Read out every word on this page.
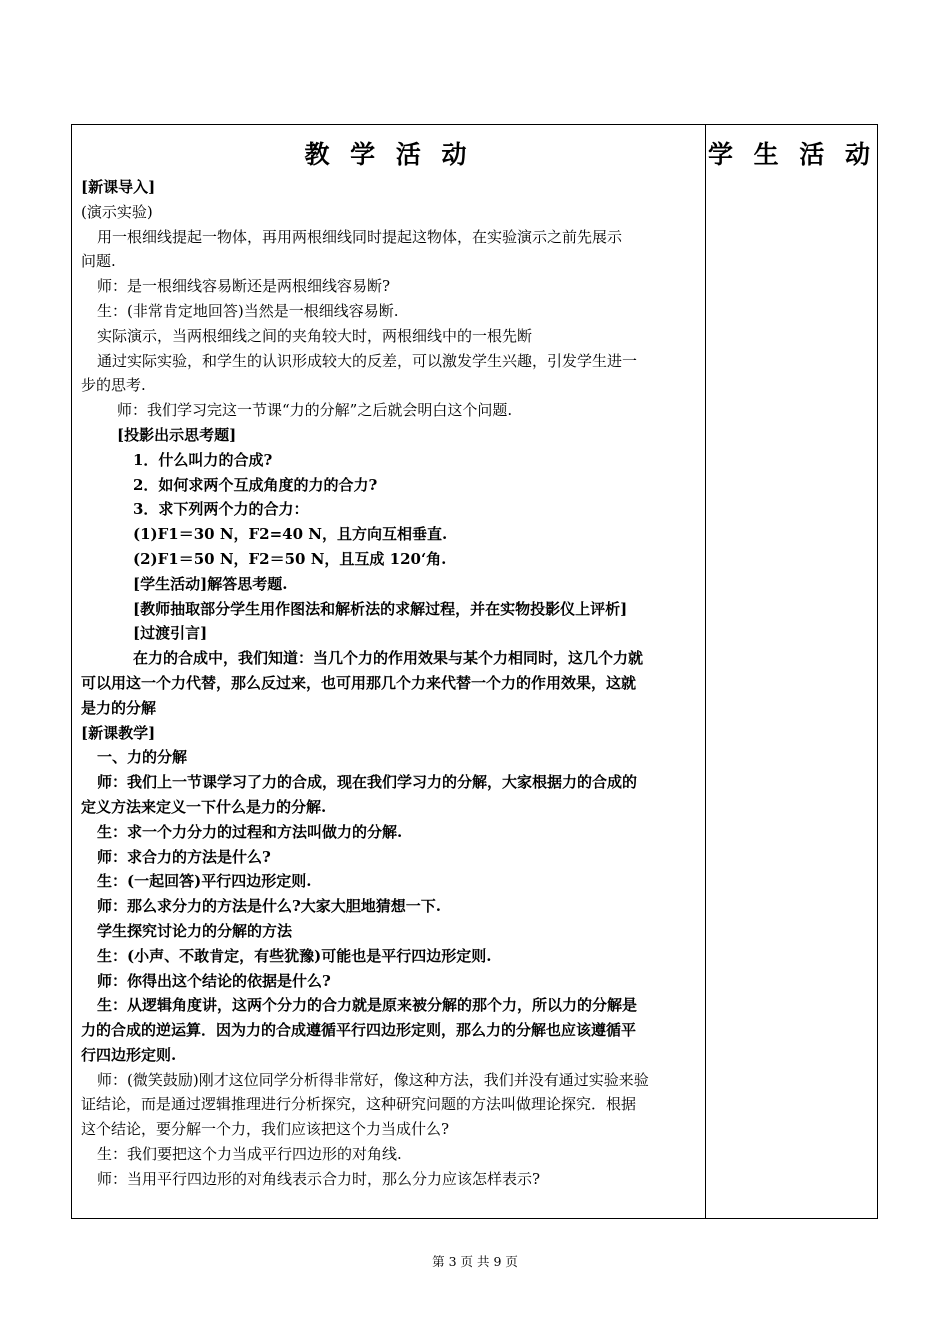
教 学 活 动	学 生 活 动
[新课导入]
(演示实验)
用一根细线提起一物体，再用两根细线同时提起这物体，在实验演示之前先展示
问题.
师：是一根细线容易断还是两根细线容易断?
生：(非常肯定地回答)当然是一根细线容易断.
实际演示，当两根细线之间的夹角较大时，两根细线中的一根先断
通过实际实验，和学生的认识形成较大的反差，可以激发学生兴趣，引发学生进一
步的思考.
师：我们学习完这一节课“力的分解”之后就会明白这个问题.
[投影出示思考题]
1．什么叫力的合成?
2．如何求两个互成角度的力的合力?
3．求下列两个力的合力：
(1)F1＝30 N，F2=40 N，且方向互相垂直.
(2)F1＝50 N，F2＝50 N，且互成 120‘角.
[学生活动]解答思考题.
[教师抽取部分学生用作图法和解析法的求解过程，并在实物投影仪上评析]
[过渡引言]
在力的合成中，我们知道：当几个力的作用效果与某个力相同时，这几个力就
可以用这一个力代替，那么反过来，也可用那几个力来代替一个力的作用效果，这就
是力的分解
[新课教学]
一、力的分解
师：我们上一节课学习了力的合成，现在我们学习力的分解，大家根据力的合成的
定义方法来定义一下什么是力的分解.
生：求一个力分力的过程和方法叫做力的分解.
师：求合力的方法是什么?
生：(一起回答)平行四边形定则.
师：那么求分力的方法是什么?大家大胆地猜想一下.
学生探究讨论力的分解的方法
生：(小声、不敢肯定，有些犹豫)可能也是平行四边形定则.
师：你得出这个结论的依据是什么?
生：从逻辑角度讲，这两个分力的合力就是原来被分解的那个力，所以力的分解是
力的合成的逆运算．因为力的合成遵循平行四边形定则，那么力的分解也应该遵循平
行四边形定则.
师：(微笑鼓励)刚才这位同学分析得非常好，像这种方法，我们并没有通过实验来验
证结论，而是通过逻辑推理进行分析探究，这种研究问题的方法叫做理论探究．根据
这个结论，要分解一个力，我们应该把这个力当成什么?
生：我们要把这个力当成平行四边形的对角线.
师：当用平行四边形的对角线表示合力时，那么分力应该怎样表示?
第 3 页 共 9 页
